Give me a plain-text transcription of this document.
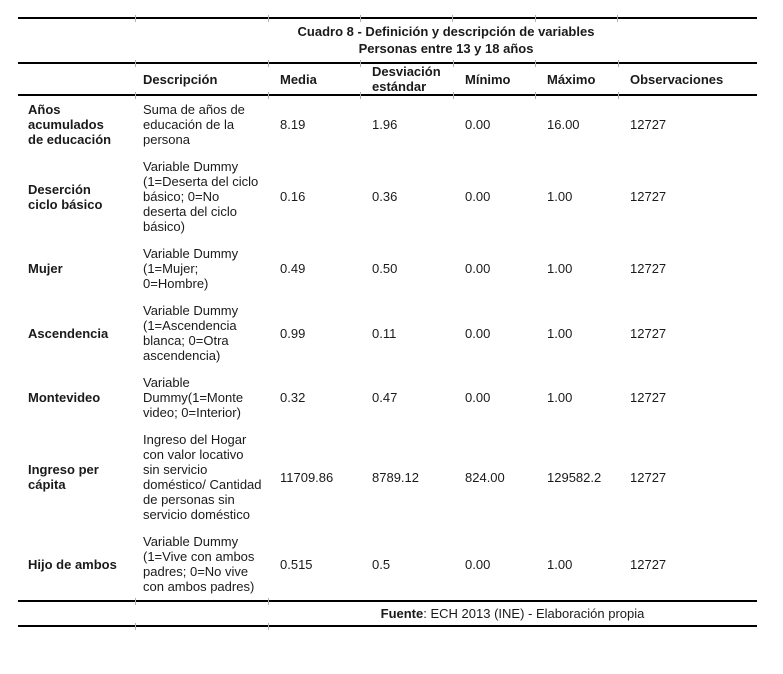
Cuadro 8 - Definición y descripción de variables
Personas entre 13 y 18 años
	Descripción	Media	Desviación estándar	Mínimo	Máximo	Observaciones
Años acumulados de educación	Suma de años de educación de la persona	8.19	1.96	0.00	16.00	12727
Deserción ciclo básico	Variable Dummy (1=Deserta del ciclo básico; 0=No deserta del ciclo básico)	0.16	0.36	0.00	1.00	12727
Mujer	Variable Dummy (1=Mujer; 0=Hombre)	0.49	0.50	0.00	1.00	12727
Ascendencia	Variable Dummy (1=Ascendencia blanca; 0=Otra ascendencia)	0.99	0.11	0.00	1.00	12727
Montevideo	Variable Dummy(1=Monte video; 0=Interior)	0.32	0.47	0.00	1.00	12727
Ingreso per cápita	Ingreso del Hogar con valor locativo sin servicio doméstico/ Cantidad de personas sin servicio doméstico	11709.86	8789.12	824.00	129582.2	12727
Hijo de ambos	Variable Dummy (1=Vive con ambos padres; 0=No vive con ambos padres)	0.515	0.5	0.00	1.00	12727
		Fuente: ECH 2013 (INE) - Elaboración propia				
